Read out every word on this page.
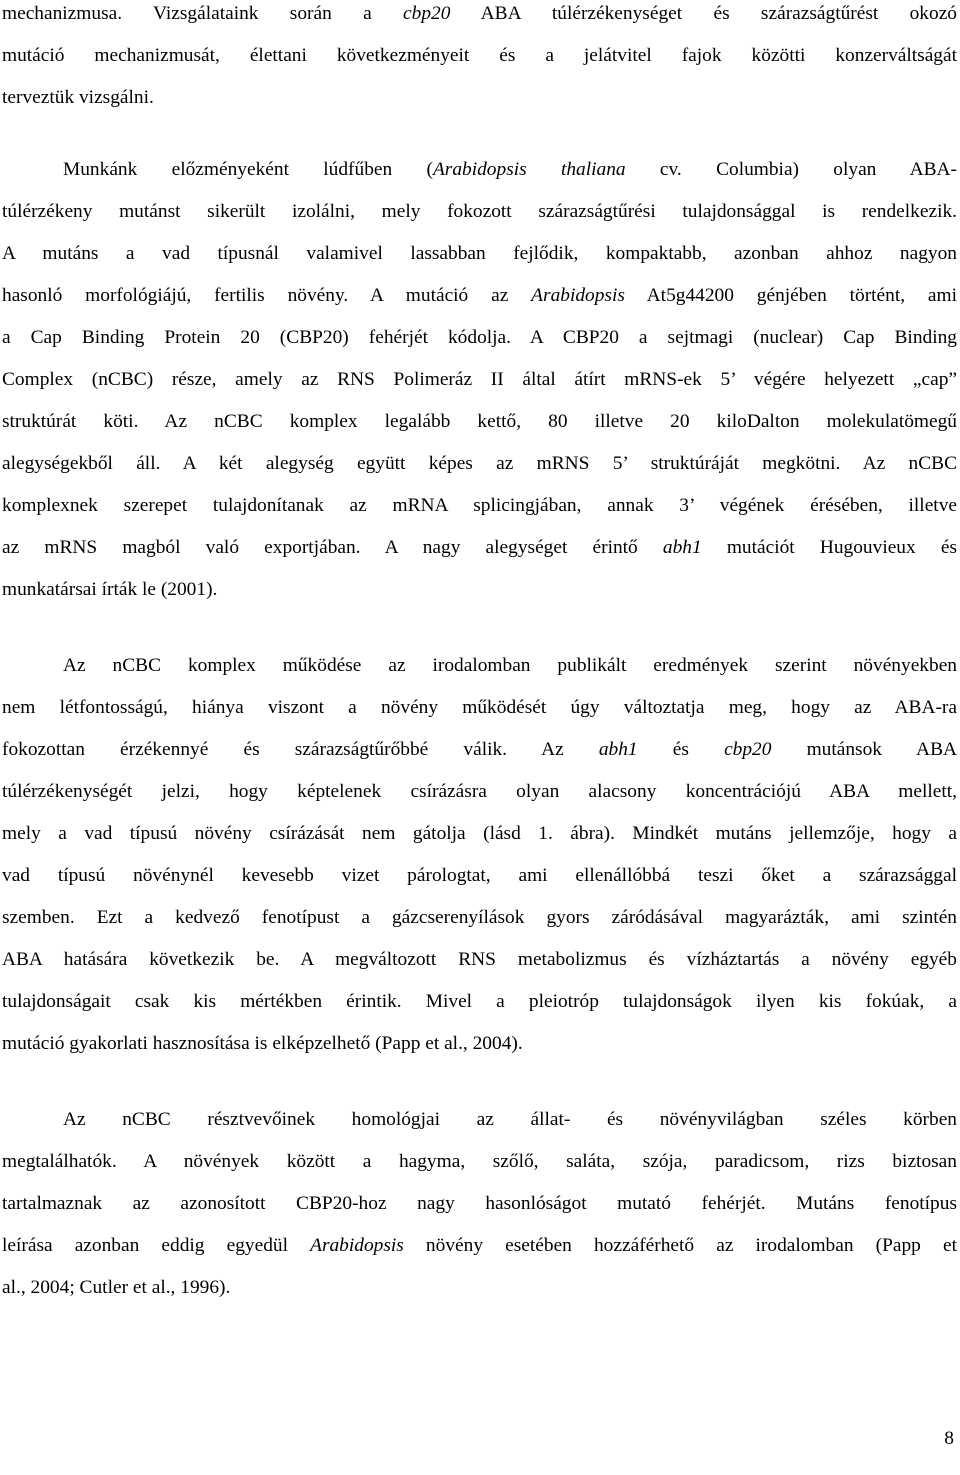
mechanizmusa. Vizsgálataink során a cbp20 ABA túlérzékenységet és szárazságtűrést okozó
mutáció mechanizmusát, élettani következményeit és a jelátvitel fajok közötti konzerváltságát
terveztük vizsgálni.
Munkánk előzményeként lúdfűben (Arabidopsis thaliana cv. Columbia) olyan ABA-
túlérzékeny mutánst sikerült izolálni, mely fokozott szárazságtűrési tulajdonsággal is rendelkezik.
A mutáns a vad típusnál valamivel lassabban fejlődik, kompaktabb, azonban ahhoz nagyon
hasonló morfológiájú, fertilis növény. A mutáció az Arabidopsis At5g44200 génjében történt, ami
a Cap Binding Protein 20 (CBP20) fehérjét kódolja. A CBP20 a sejtmagi (nuclear) Cap Binding
Complex (nCBC) része, amely az RNS Polimeráz II által átírt mRNS-ek 5’ végére helyezett „cap”
struktúrát köti. Az nCBC komplex legalább kettő, 80 illetve 20 kiloDalton molekulatömegű
alegységekből áll. A két alegység együtt képes az mRNS 5’ struktúráját megkötni. Az nCBC
komplexnek szerepet tulajdonítanak az mRNA splicingjában, annak 3’ végének érésében, illetve
az mRNS magból való exportjában. A nagy alegységet érintő abh1 mutációt Hugouvieux és
munkatársai írták le (2001).
Az nCBC komplex működése az irodalomban publikált eredmények szerint növényekben
nem létfontosságú, hiánya viszont a növény működését úgy változtatja meg, hogy az ABA-ra
fokozottan érzékennyé és szárazságtűrőbbé válik. Az abh1 és cbp20 mutánsok ABA
túlérzékenységét jelzi, hogy képtelenek csírázásra olyan alacsony koncentrációjú ABA mellett,
mely a vad típusú növény csírázását nem gátolja (lásd 1. ábra). Mindkét mutáns jellemzője, hogy a
vad típusú növénynél kevesebb vizet párologtat, ami ellenállóbbá teszi őket a szárazsággal
szemben. Ezt a kedvező fenotípust a gázcserenyílások gyors záródásával magyarázták, ami szintén
ABA hatására következik be. A megváltozott RNS metabolizmus és vízháztartás a növény egyéb
tulajdonságait csak kis mértékben érintik. Mivel a pleiotróp tulajdonságok ilyen kis fokúak, a
mutáció gyakorlati hasznosítása is elképzelhető (Papp et al., 2004).
Az nCBC résztvevőinek homológjai az állat- és növényvilágban széles körben
megtalálhatók. A növények között a hagyma, szőlő, saláta, szója, paradicsom, rizs biztosan
tartalmaznak az azonosított CBP20-hoz nagy hasonlóságot mutató fehérjét. Mutáns fenotípus
leírása azonban eddig egyedül Arabidopsis növény esetében hozzáférhető az irodalomban (Papp et
al., 2004; Cutler et al., 1996).
8
